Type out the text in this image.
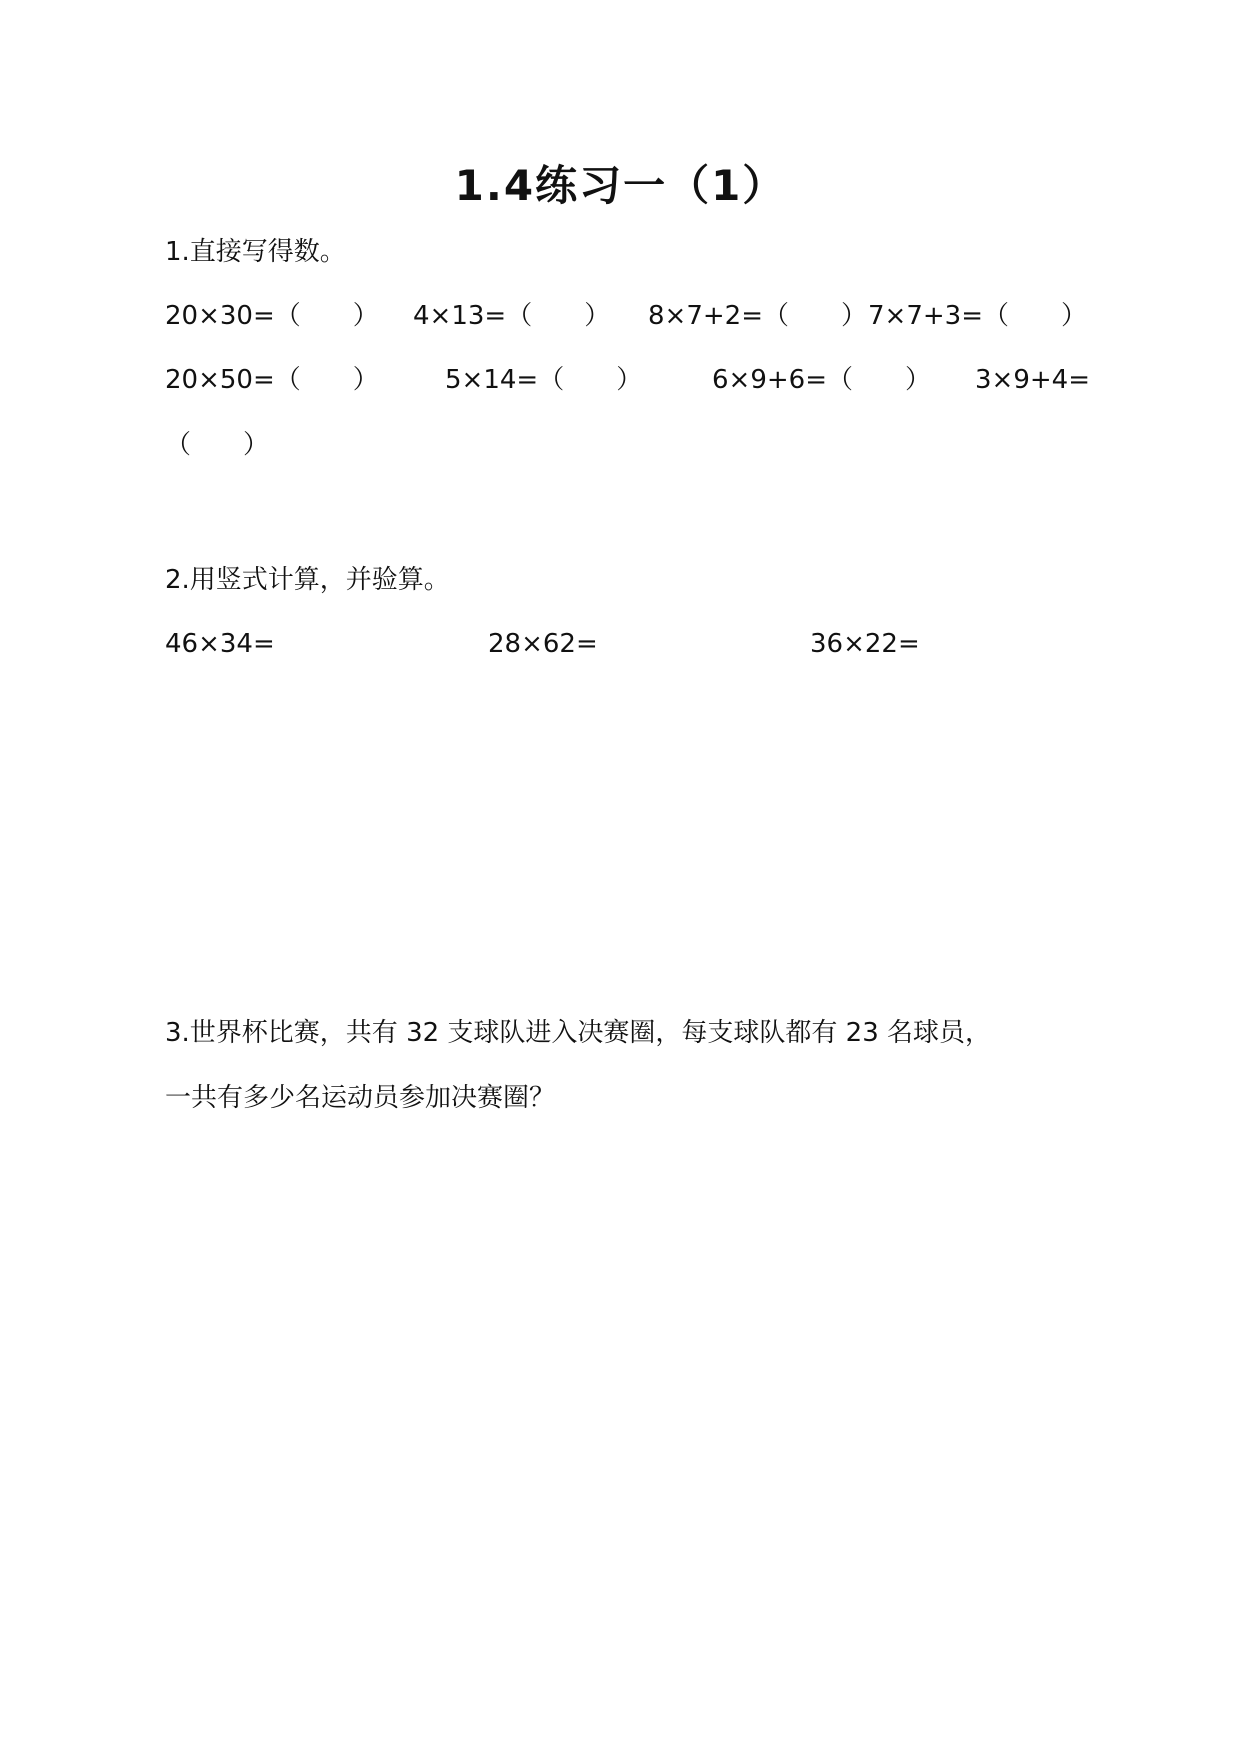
1.4练习一（1）
1.直接写得数。
20×30=（　　） 4×13=（　　） 8×7+2=（　　） 7×7+3=（　　）
20×50=（　　）	5×14=（　　）	6×9+6=（　　） 3×9+4=
（　　）
2.用竖式计算，并验算。
46×34=	28×62=	36×22=
3.世界杯比赛，共有 32 支球队进入决赛圈，每支球队都有 23 名球员，
一共有多少名运动员参加决赛圈？
